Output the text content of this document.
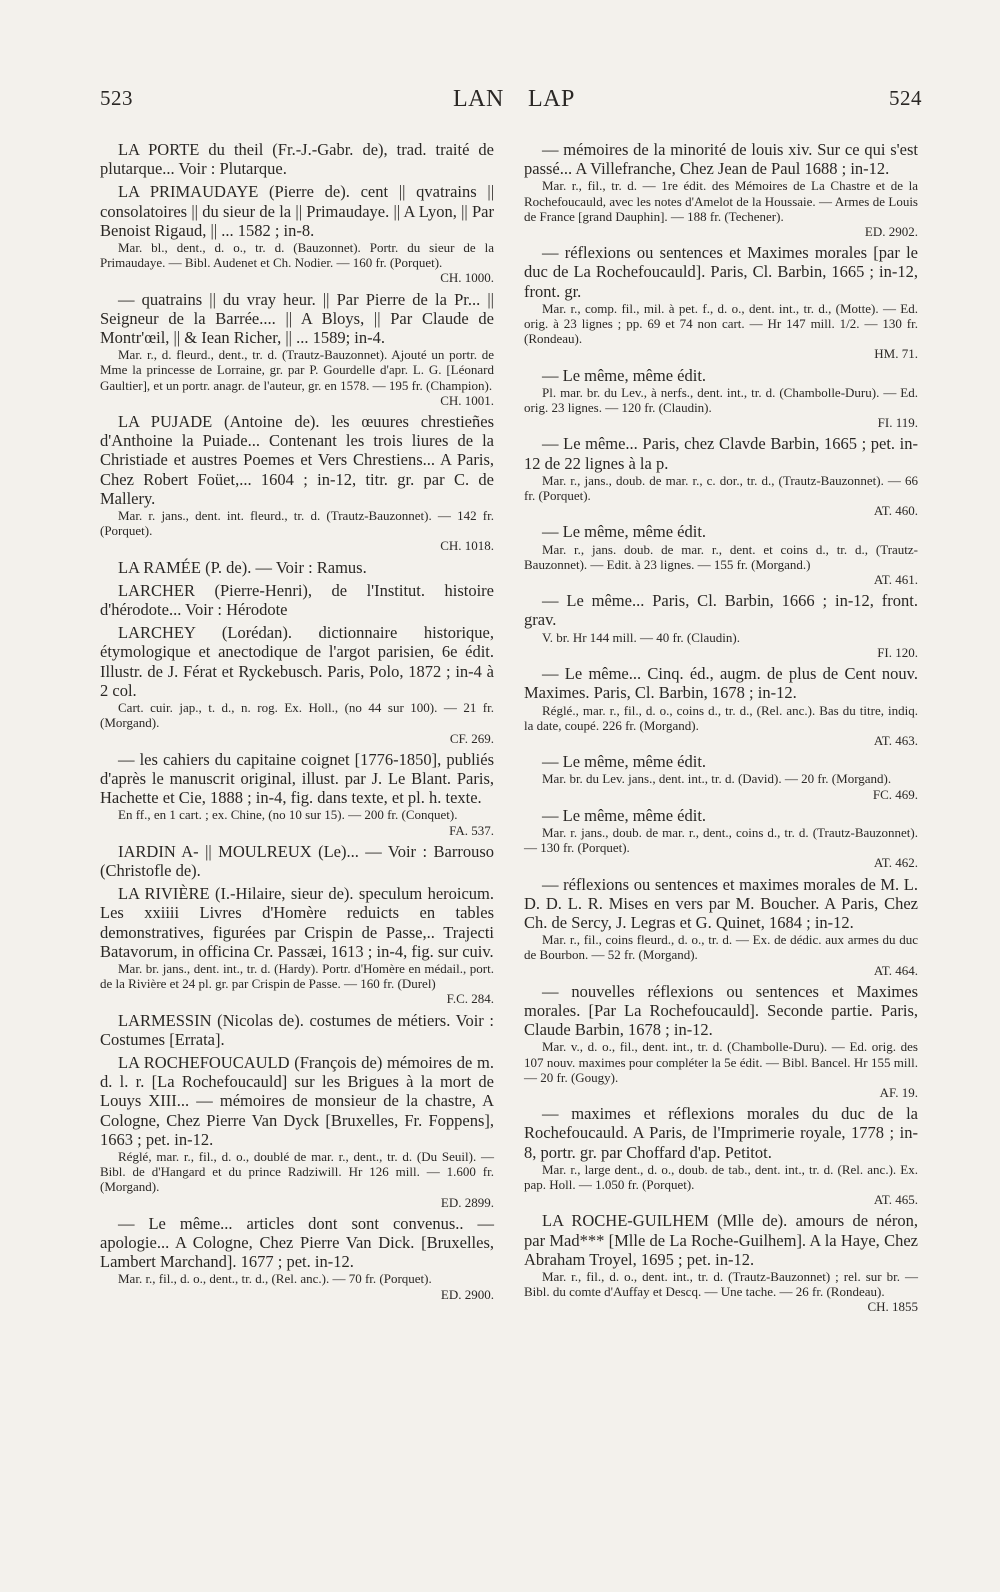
523	LAN LAP	524

LA PORTE du theil (Fr.-J.-Gabr. de), trad. traité de plutarque... Voir : Plutarque.

LA PRIMAUDAYE (Pierre de). cent || qvatrains || consolatoires || du sieur de la || Primaudaye. || A Lyon, || Par Benoist Rigaud, || ... 1582 ; in-8.

Mar. bl., dent., d. o., tr. d. (Bauzonnet). Portr. du sieur de la Primaudaye. — Bibl. Audenet et Ch. Nodier. — 160 fr. (Porquet).

CH. 1000.

— quatrains || du vray heur. || Par Pierre de la Pr... || Seigneur de la Barrée.... || A Bloys, || Par Claude de Montr'œil, || & Iean Richer, || ... 1589; in-4.

Mar. r., d. fleurd., dent., tr. d. (Trautz-Bauzonnet). Ajouté un portr. de Mme la princesse de Lorraine, gr. par P. Gourdelle d'apr. L. G. [Léonard Gaultier], et un portr. anagr. de l'auteur, gr. en 1578. — 195 fr. (Champion).

CH. 1001.

LA PUJADE (Antoine de). les œuures chrestieñes d'Anthoine la Puiade... Contenant les trois liures de la Christiade et austres Poemes et Vers Chrestiens... A Paris, Chez Robert Foüet,... 1604 ; in-12, titr. gr. par C. de Mallery.

Mar. r. jans., dent. int. fleurd., tr. d. (Trautz-Bauzonnet). — 142 fr. (Porquet).

CH. 1018.

LA RAMÉE (P. de). — Voir : Ramus.

LARCHER (Pierre-Henri), de l'Institut. histoire d'hérodote... Voir : Hérodote

LARCHEY (Lorédan). dictionnaire historique, étymologique et anectodique de l'argot parisien, 6e édit. Illustr. de J. Férat et Ryckebusch. Paris, Polo, 1872 ; in-4 à 2 col.

Cart. cuir. jap., t. d., n. rog. Ex. Holl., (no 44 sur 100). — 21 fr. (Morgand).

CF. 269.

— les cahiers du capitaine coignet [1776-1850], publiés d'après le manuscrit original, illust. par J. Le Blant. Paris, Hachette et Cie, 1888 ; in-4, fig. dans texte, et pl. h. texte.

En ff., en 1 cart. ; ex. Chine, (no 10 sur 15). — 200 fr. (Conquet).

FA. 537.

IARDIN A- || MOULREUX (Le)... — Voir : Barrouso (Christofle de).

LA RIVIÈRE (I.-Hilaire, sieur de). speculum heroicum. Les xxiiii Livres d'Homère reduicts en tables demonstratives, figurées par Crispin de Passe,.. Trajecti Batavorum, in officina Cr. Passæi, 1613 ; in-4, fig. sur cuiv.

Mar. br. jans., dent. int., tr. d. (Hardy). Portr. d'Homère en médail., port. de la Rivière et 24 pl. gr. par Crispin de Passe. — 160 fr. (Durel)

F.C. 284.

LARMESSIN (Nicolas de). costumes de métiers. Voir : Costumes [Errata].

LA ROCHEFOUCAULD (François de) mémoires de m. d. l. r. [La Rochefoucauld] sur les Brigues à la mort de Louys XIII... — mémoires de monsieur de la chastre, A Cologne, Chez Pierre Van Dyck [Bruxelles, Fr. Foppens], 1663 ; pet. in-12.

Réglé, mar. r., fil., d. o., doublé de mar. r., dent., tr. d. (Du Seuil). — Bibl. de d'Hangard et du prince Radziwill. Hr 126 mill. — 1.600 fr. (Morgand).

ED. 2899.

— Le même... articles dont sont convenus.. — apologie... A Cologne, Chez Pierre Van Dick. [Bruxelles, Lambert Marchand]. 1677 ; pet. in-12.

Mar. r., fil., d. o., dent., tr. d., (Rel. anc.). — 70 fr. (Porquet).

ED. 2900.

— mémoires de la minorité de louis xiv. Sur ce qui s'est passé... A Villefranche, Chez Jean de Paul 1688 ; in-12.

Mar. r., fil., tr. d. — 1re édit. des Mémoires de La Chastre et de la Rochefoucauld, avec les notes d'Amelot de la Houssaie. — Armes de Louis de France [grand Dauphin]. — 188 fr. (Techener).

ED. 2902.

— réflexions ou sentences et Maximes morales [par le duc de La Rochefoucauld]. Paris, Cl. Barbin, 1665 ; in-12, front. gr.

Mar. r., comp. fil., mil. à pet. f., d. o., dent. int., tr. d., (Motte). — Ed. orig. à 23 lignes ; pp. 69 et 74 non cart. — Hr 147 mill. 1/2. — 130 fr. (Rondeau).

HM. 71.

— Le même, même édit.

Pl. mar. br. du Lev., à nerfs., dent. int., tr. d. (Chambolle-Duru). — Ed. orig. 23 lignes. — 120 fr. (Claudin).

FI. 119.

— Le même... Paris, chez Clavde Barbin, 1665 ; pet. in-12 de 22 lignes à la p.

Mar. r., jans., doub. de mar. r., c. dor., tr. d., (Trautz-Bauzonnet). — 66 fr. (Porquet).

AT. 460.

— Le même, même édit.

Mar. r., jans. doub. de mar. r., dent. et coins d., tr. d., (Trautz-Bauzonnet). — Edit. à 23 lignes. — 155 fr. (Morgand.)

AT. 461.

— Le même... Paris, Cl. Barbin, 1666 ; in-12, front. grav.

V. br. Hr 144 mill. — 40 fr. (Claudin).

FI. 120.

— Le même... Cinq. éd., augm. de plus de Cent nouv. Maximes. Paris, Cl. Barbin, 1678 ; in-12.

Réglé., mar. r., fil., d. o., coins d., tr. d., (Rel. anc.). Bas du titre, indiq. la date, coupé. 226 fr. (Morgand).

AT. 463.

— Le même, même édit.

Mar. br. du Lev. jans., dent. int., tr. d. (David). — 20 fr. (Morgand).

FC. 469.

— Le même, même édit.

Mar. r. jans., doub. de mar. r., dent., coins d., tr. d. (Trautz-Bauzonnet). — 130 fr. (Porquet).

AT. 462.

— réflexions ou sentences et maximes morales de M. L. D. D. L. R. Mises en vers par M. Boucher. A Paris, Chez Ch. de Sercy, J. Legras et G. Quinet, 1684 ; in-12.

Mar. r., fil., coins fleurd., d. o., tr. d. — Ex. de dédic. aux armes du duc de Bourbon. — 52 fr. (Morgand).

AT. 464.

— nouvelles réflexions ou sentences et Maximes morales. [Par La Rochefoucauld]. Seconde partie. Paris, Claude Barbin, 1678 ; in-12.

Mar. v., d. o., fil., dent. int., tr. d. (Chambolle-Duru). — Ed. orig. des 107 nouv. maximes pour compléter la 5e édit. — Bibl. Bancel. Hr 155 mill. — 20 fr. (Gougy).

AF. 19.

— maximes et réflexions morales du duc de la Rochefoucauld. A Paris, de l'Imprimerie royale, 1778 ; in-8, portr. gr. par Choffard d'ap. Petitot.

Mar. r., large dent., d. o., doub. de tab., dent. int., tr. d. (Rel. anc.). Ex. pap. Holl. — 1.050 fr. (Porquet).

AT. 465.

LA ROCHE-GUILHEM (Mlle de). amours de néron, par Mad*** [Mlle de La Roche-Guilhem]. A la Haye, Chez Abraham Troyel, 1695 ; pet. in-12.

Mar. r., fil., d. o., dent. int., tr. d. (Trautz-Bauzonnet) ; rel. sur br. — Bibl. du comte d'Auffay et Descq. — Une tache. — 26 fr. (Rondeau).

CH. 1855
